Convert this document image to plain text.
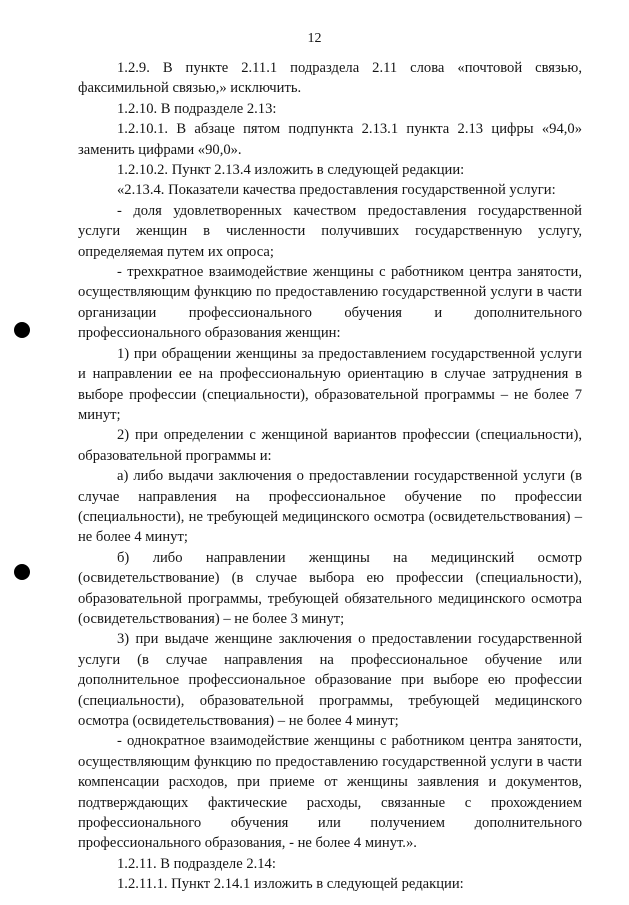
12

1.2.9. В пункте 2.11.1 подраздела 2.11 слова «почтовой связью, факсимильной связью,» исключить.

1.2.10. В подразделе 2.13:

1.2.10.1. В абзаце пятом подпункта 2.13.1 пункта 2.13 цифры «94,0» заменить цифрами «90,0».

1.2.10.2. Пункт 2.13.4 изложить в следующей редакции:

«2.13.4. Показатели качества предоставления государственной услуги:

- доля удовлетворенных качеством предоставления государственной услуги женщин в численности получивших государственную услугу, определяемая путем их опроса;

- трехкратное взаимодействие женщины с работником центра занятости, осуществляющим функцию по предоставлению государственной услуги в части организации профессионального обучения и дополнительного профессионального образования женщин:

1) при обращении женщины за предоставлением государственной услуги и направлении ее на профессиональную ориентацию в случае затруднения в выборе профессии (специальности), образовательной программы – не более 7 минут;

2) при определении с женщиной вариантов профессии (специальности), образовательной программы и:

а) либо выдачи заключения о предоставлении государственной услуги (в случае направления на профессиональное обучение по профессии (специальности), не требующей медицинского осмотра (освидетельствования) – не более 4 минут;

б) либо направлении женщины на медицинский осмотр (освидетельствование) (в случае выбора ею профессии (специальности), образовательной программы, требующей обязательного медицинского осмотра (освидетельствования) – не более 3 минут;

3) при выдаче женщине заключения о предоставлении государственной услуги (в случае направления на профессиональное обучение или дополнительное профессиональное образование при выборе ею профессии (специальности), образовательной программы, требующей медицинского осмотра (освидетельствования) – не более 4 минут;

- однократное взаимодействие женщины с работником центра занятости, осуществляющим функцию по предоставлению государственной услуги в части компенсации расходов, при приеме от женщины заявления и документов, подтверждающих фактические расходы, связанные с прохождением профессионального обучения или получением дополнительного профессионального образования, - не более 4 минут.».

1.2.11. В подразделе 2.14:

1.2.11.1. Пункт 2.14.1 изложить в следующей редакции:
